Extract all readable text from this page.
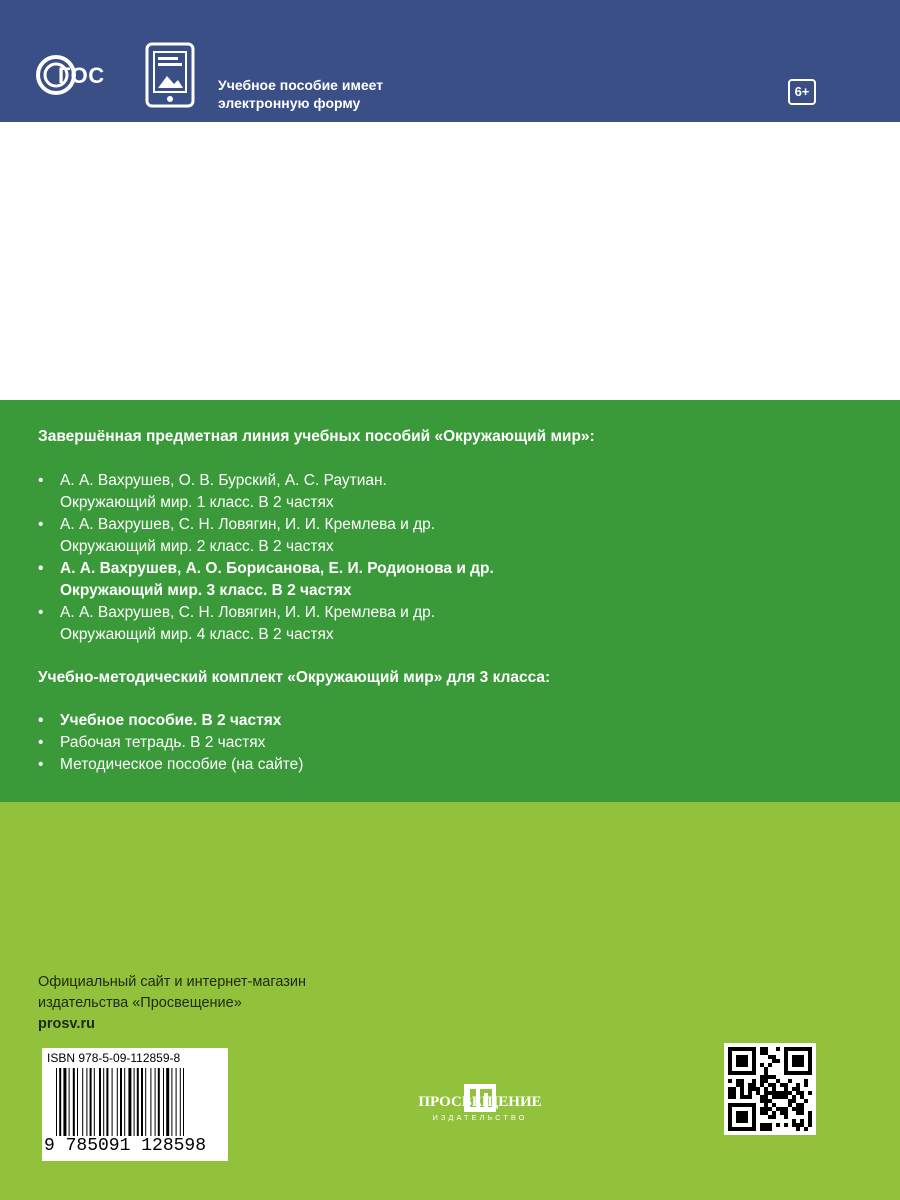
ГОС	Учебное пособие имеет
электронную форму
6+
Завершённая предметная линия учебных пособий «Окружающий мир»:
• А. А. Вахрушев, О. В. Бурский, А. С. Раутиан.
Окружающий мир. 1 класс. В 2 частях
• А. А. Вахрушев, С. Н. Ловягин, И. И. Кремлева и др.
Окружающий мир. 2 класс. В 2 частях
• А. А. Вахрушев, А. О. Борисанова, Е. И. Родионова и др.
Окружающий мир. 3 класс. В 2 частях
• А. А. Вахрушев, С. Н. Ловягин, И. И. Кремлева и др.
Окружающий мир. 4 класс. В 2 частях
Учебно-методический комплект «Окружающий мир» для 3 класса:
• Учебное пособие. В 2 частях
• Рабочая тетрадь. В 2 частях
• Методическое пособие (на сайте)
Официальный сайт и интернет-магазин
издательства «Просвещение»
prosv.ru
ISBN 978-5-09-112859-8
9 785091 128598
ПРОСВЕЩЕНИЕ
ИЗДАТЕЛЬСТВО
